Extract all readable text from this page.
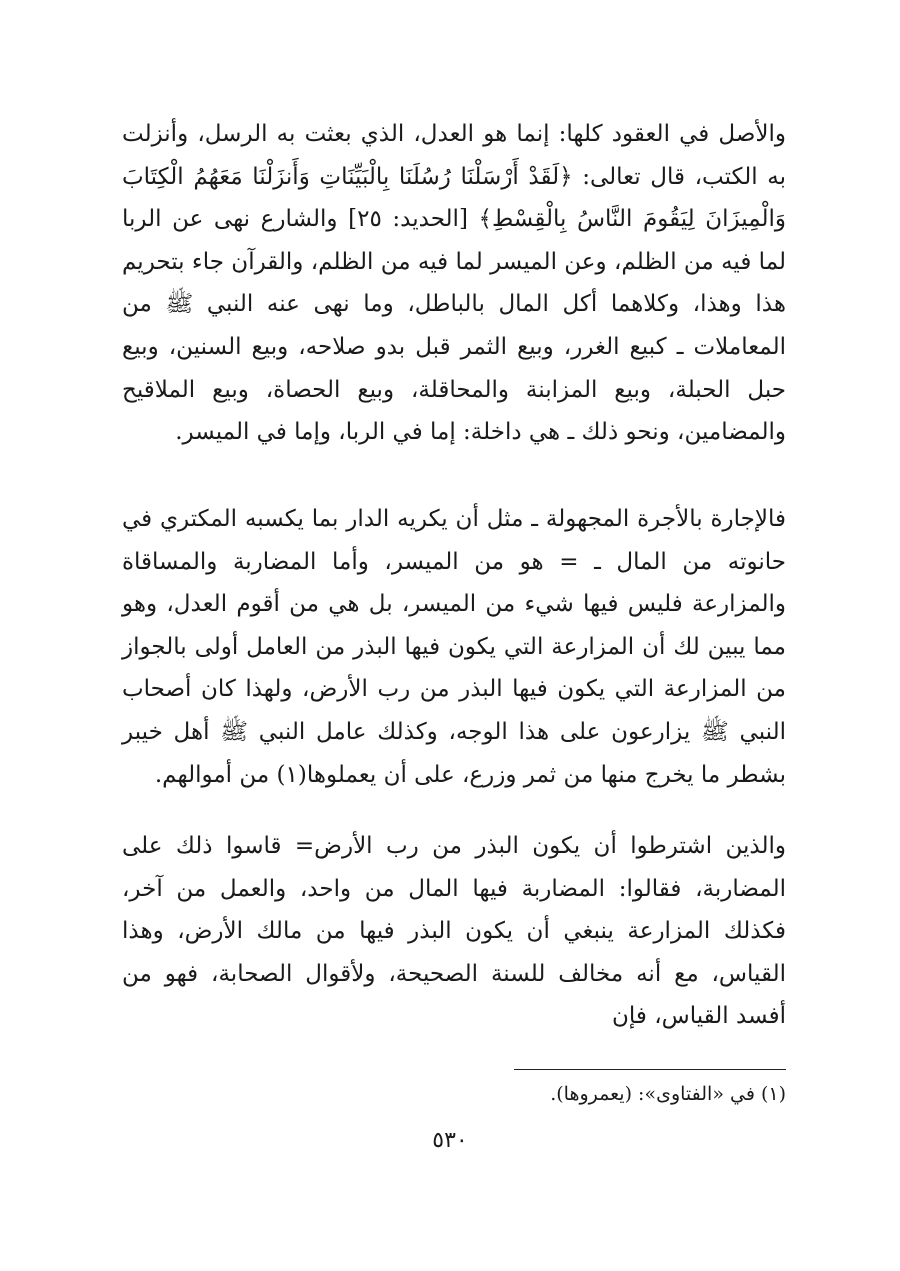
والأصل في العقود كلها: إنما هو العدل، الذي بعثت به الرسل، وأنزلت به الكتب، قال تعالى: ﴿لَقَدْ أَرْسَلْنَا رُسُلَنَا بِالْبَيِّنَاتِ وَأَنزَلْنَا مَعَهُمُ الْكِتَابَ وَالْمِيزَانَ لِيَقُومَ النَّاسُ بِالْقِسْطِ﴾ [الحديد: ٢٥] والشارع نهى عن الربا لما فيه من الظلم، وعن الميسر لما فيه من الظلم، والقرآن جاء بتحريم هذا وهذا، وكلاهما أكل المال بالباطل، وما نهى عنه النبي ﷺ من المعاملات ـ كبيع الغرر، وبيع الثمر قبل بدو صلاحه، وبيع السنين، وبيع حبل الحبلة، وبيع المزابنة والمحاقلة، وبيع الحصاة، وبيع الملاقيح والمضامين، ونحو ذلك ـ هي داخلة: إما في الربا، وإما في الميسر.

فالإجارة بالأجرة المجهولة ـ مثل أن يكريه الدار بما يكسبه المكتري في حانوته من المال ـ = هو من الميسر، وأما المضاربة والمساقاة والمزارعة فليس فيها شيء من الميسر، بل هي من أقوم العدل، وهو مما يبين لك أن المزارعة التي يكون فيها البذر من العامل أولى بالجواز من المزارعة التي يكون فيها البذر من رب الأرض، ولهذا كان أصحاب النبي ﷺ يزارعون على هذا الوجه، وكذلك عامل النبي ﷺ أهل خيبر بشطر ما يخرج منها من ثمر وزرع، على أن يعملوها(١) من أموالهم.

والذين اشترطوا أن يكون البذر من رب الأرض= قاسوا ذلك على المضاربة، فقالوا: المضاربة فيها المال من واحد، والعمل من آخر، فكذلك المزارعة ينبغي أن يكون البذر فيها من مالك الأرض، وهذا القياس، مع أنه مخالف للسنة الصحيحة، ولأقوال الصحابة، فهو من أفسد القياس، فإن

(١) في «الفتاوى»: (يعمروها).
٥٣٠
